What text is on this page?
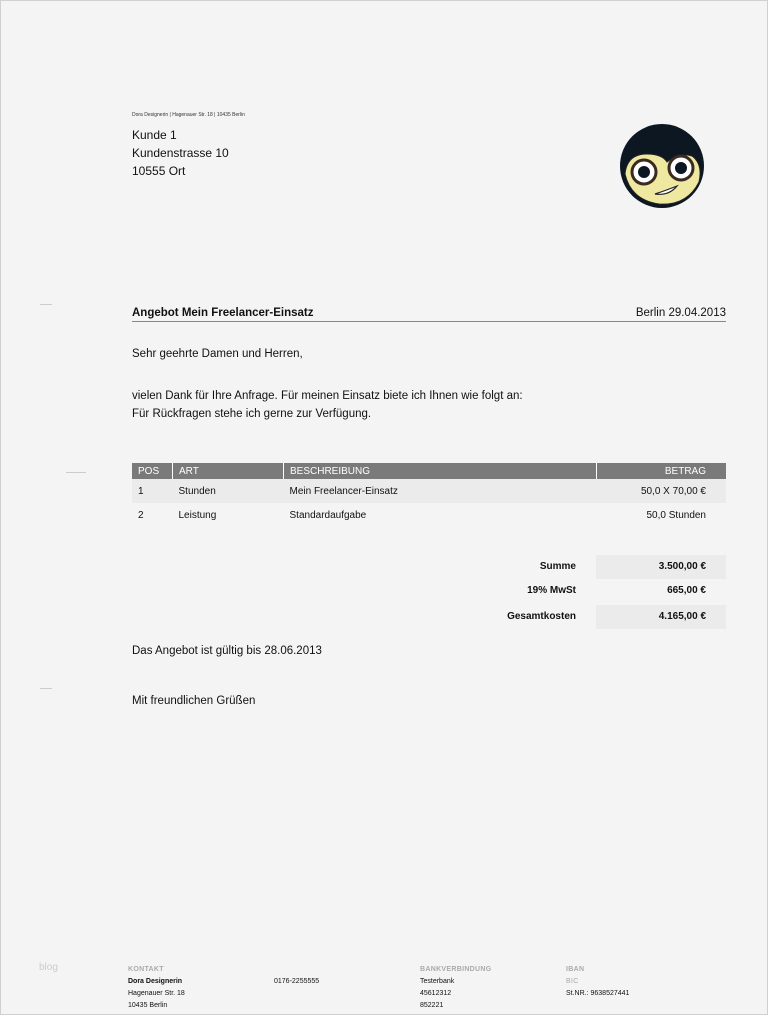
Dora Designerin | Hagenauer Str. 18 | 10435 Berlin
Kunde 1
Kundenstrasse 10
10555 Ort
Angebot Mein Freelancer-Einsatz	Berlin 29.04.2013
Sehr geehrte Damen und Herren,
vielen Dank für Ihre Anfrage. Für meinen Einsatz biete ich Ihnen wie folgt an:
Für Rückfragen stehe ich gerne zur Verfügung.
POS	ART	BESCHREIBUNG	BETRAG
1	Stunden	Mein Freelancer-Einsatz	50,0 X 70,00 €
2	Leistung	Standardaufgabe	50,0 Stunden
Summe	3.500,00 €
19% MwSt	665,00 €
Gesamtkosten	4.165,00 €
Das Angebot ist gültig bis 28.06.2013
Mit freundlichen Grüßen
blog	KONTAKT
Dora Designerin
Hagenauer Str. 18
10435 Berlin
0176-2255555
BANKVERBINDUNG
Testerbank
45612312
852221
IBAN
BIC
St.NR.: 9638527441
